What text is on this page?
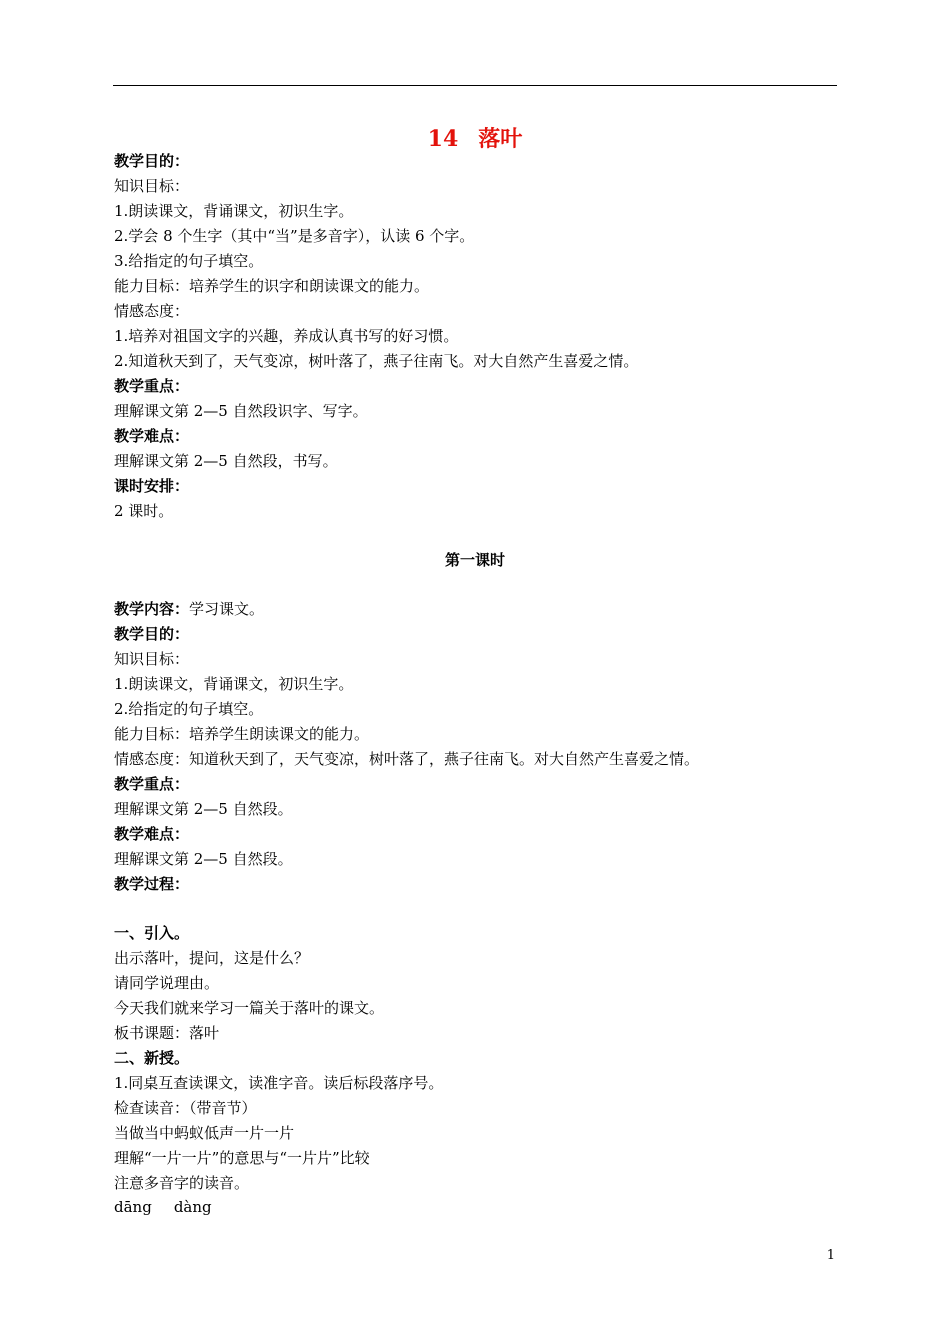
14 落叶
教学目的：
知识目标：
1.朗读课文，背诵课文，初识生字。
2.学会 8 个生字（其中“当”是多音字），认读 6 个字。
3.给指定的句子填空。
能力目标：培养学生的识字和朗读课文的能力。
情感态度：
1.培养对祖国文字的兴趣，养成认真书写的好习惯。
2.知道秋天到了，天气变凉，树叶落了，燕子往南飞。对大自然产生喜爱之情。
教学重点：
理解课文第 2—5 自然段识字、写字。
教学难点：
理解课文第 2—5 自然段，书写。
课时安排：
2 课时。
第一课时
教学内容：学习课文。
教学目的：
知识目标：
1.朗读课文，背诵课文，初识生字。
2.给指定的句子填空。
能力目标：培养学生朗读课文的能力。
情感态度：知道秋天到了，天气变凉，树叶落了，燕子往南飞。对大自然产生喜爱之情。
教学重点：
理解课文第 2—5 自然段。
教学难点：
理解课文第 2—5 自然段。
教学过程：
一、引入。
出示落叶，提问，这是什么？
请同学说理由。
今天我们就来学习一篇关于落叶的课文。
板书课题：落叶
二、新授。
1.同桌互查读课文，读准字音。读后标段落序号。
检查读音：（带音节）
当做当中蚂蚁低声一片一片
理解“一片一片”的意思与“一片片”比较
注意多音字的读音。
dāng dàng
1
